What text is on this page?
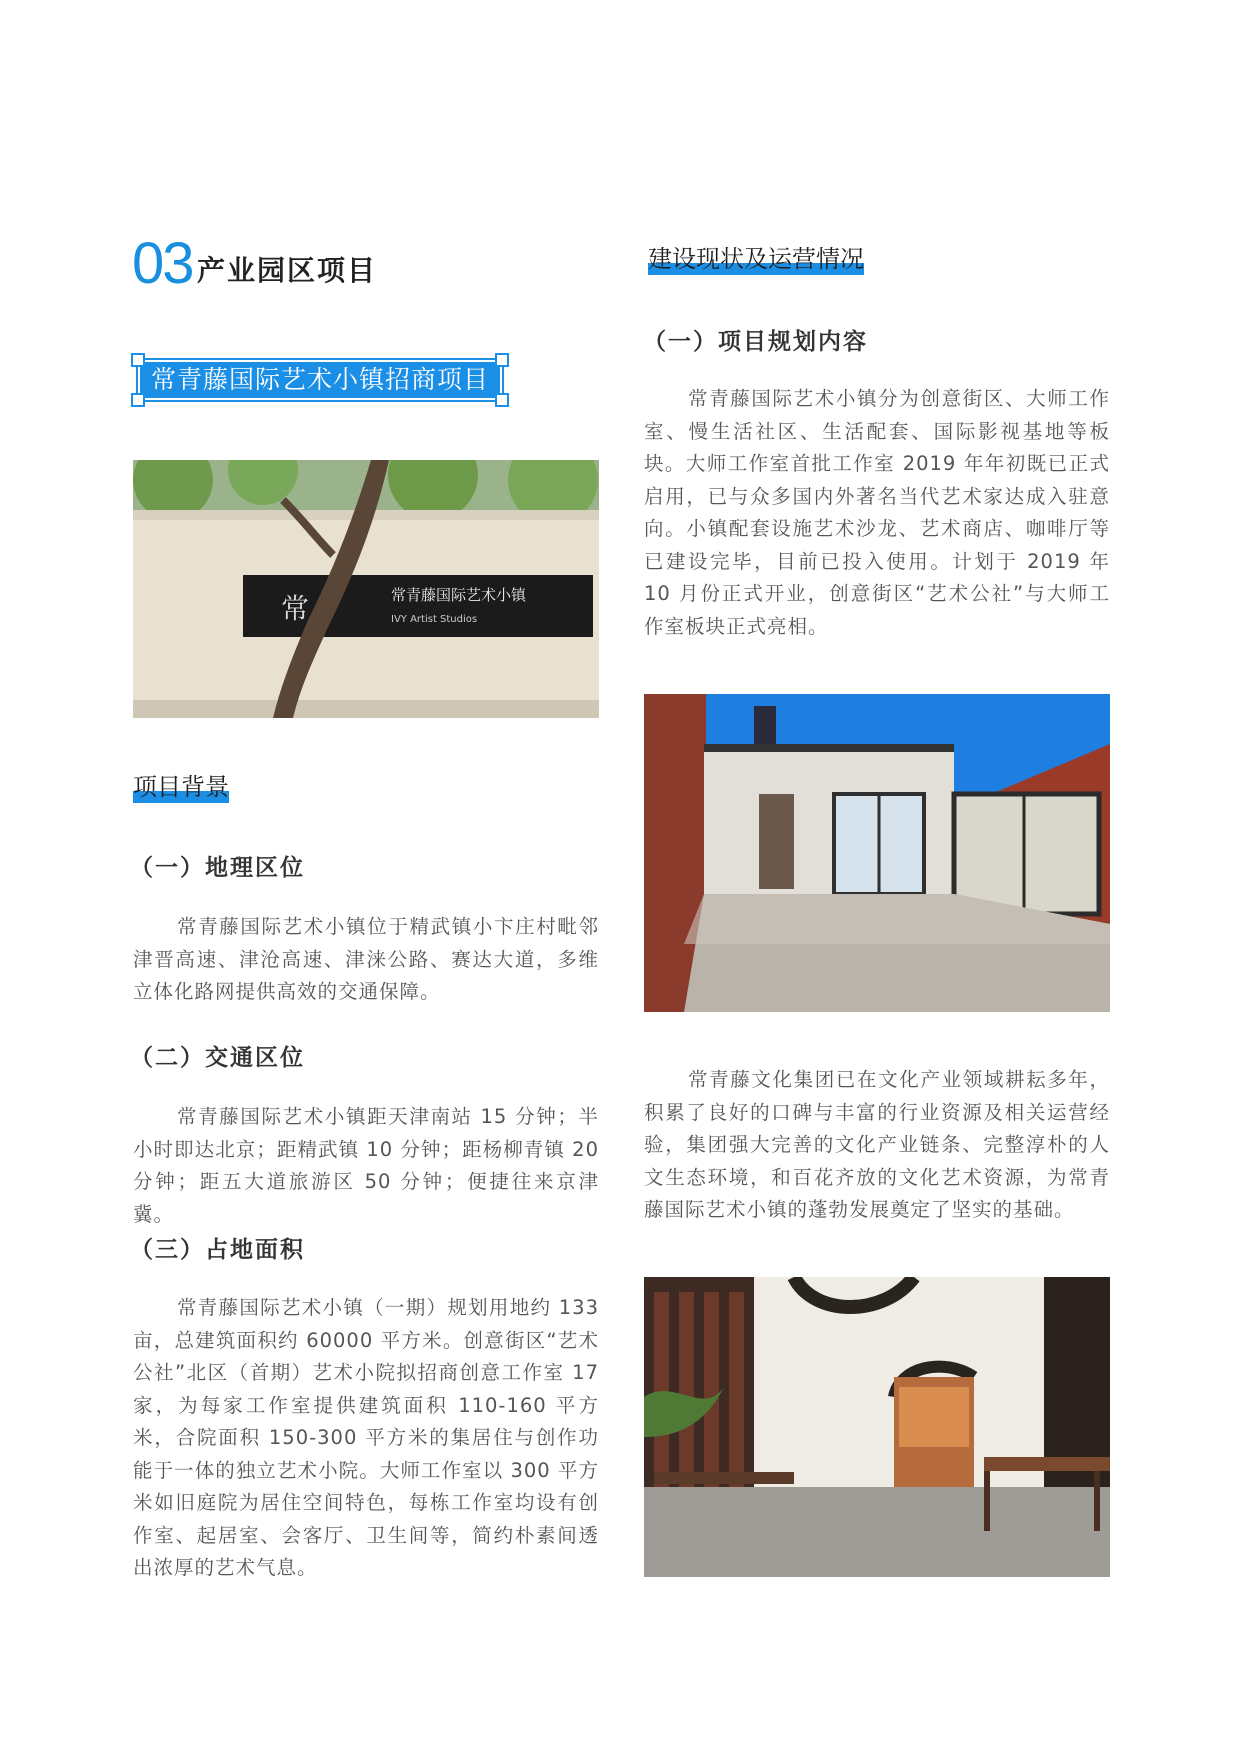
03 产业园区项目
常青藤国际艺术小镇招商项目
常	常青藤国际艺术小镇
IVY Artist Studios
项目背景
（一）地理区位
常青藤国际艺术小镇位于精武镇小卞庄村毗邻津晋高速、津沧高速、津涞公路、赛达大道，多维立体化路网提供高效的交通保障。
（二）交通区位
常青藤国际艺术小镇距天津南站 15 分钟；半小时即达北京；距精武镇 10 分钟；距杨柳青镇 20 分钟；距五大道旅游区 50 分钟；便捷往来京津冀。
（三）占地面积
常青藤国际艺术小镇（一期）规划用地约 133 亩，总建筑面积约 60000 平方米。创意街区“艺术公社”北区（首期）艺术小院拟招商创意工作室 17 家，为每家工作室提供建筑面积 110-160 平方米，合院面积 150-300 平方米的集居住与创作功能于一体的独立艺术小院。大师工作室以 300 平方米如旧庭院为居住空间特色，每栋工作室均设有创作室、起居室、会客厅、卫生间等，简约朴素间透出浓厚的艺术气息。
建设现状及运营情况
（一）项目规划内容
常青藤国际艺术小镇分为创意街区、大师工作室、慢生活社区、生活配套、国际影视基地等板块。大师工作室首批工作室 2019 年年初既已正式启用，已与众多国内外著名当代艺术家达成入驻意向。小镇配套设施艺术沙龙、艺术商店、咖啡厅等已建设完毕，目前已投入使用。计划于 2019 年 10 月份正式开业，创意街区“艺术公社”与大师工作室板块正式亮相。
常青藤文化集团已在文化产业领域耕耘多年，积累了良好的口碑与丰富的行业资源及相关运营经验，集团强大完善的文化产业链条、完整淳朴的人文生态环境，和百花齐放的文化艺术资源，为常青藤国际艺术小镇的蓬勃发展奠定了坚实的基础。
